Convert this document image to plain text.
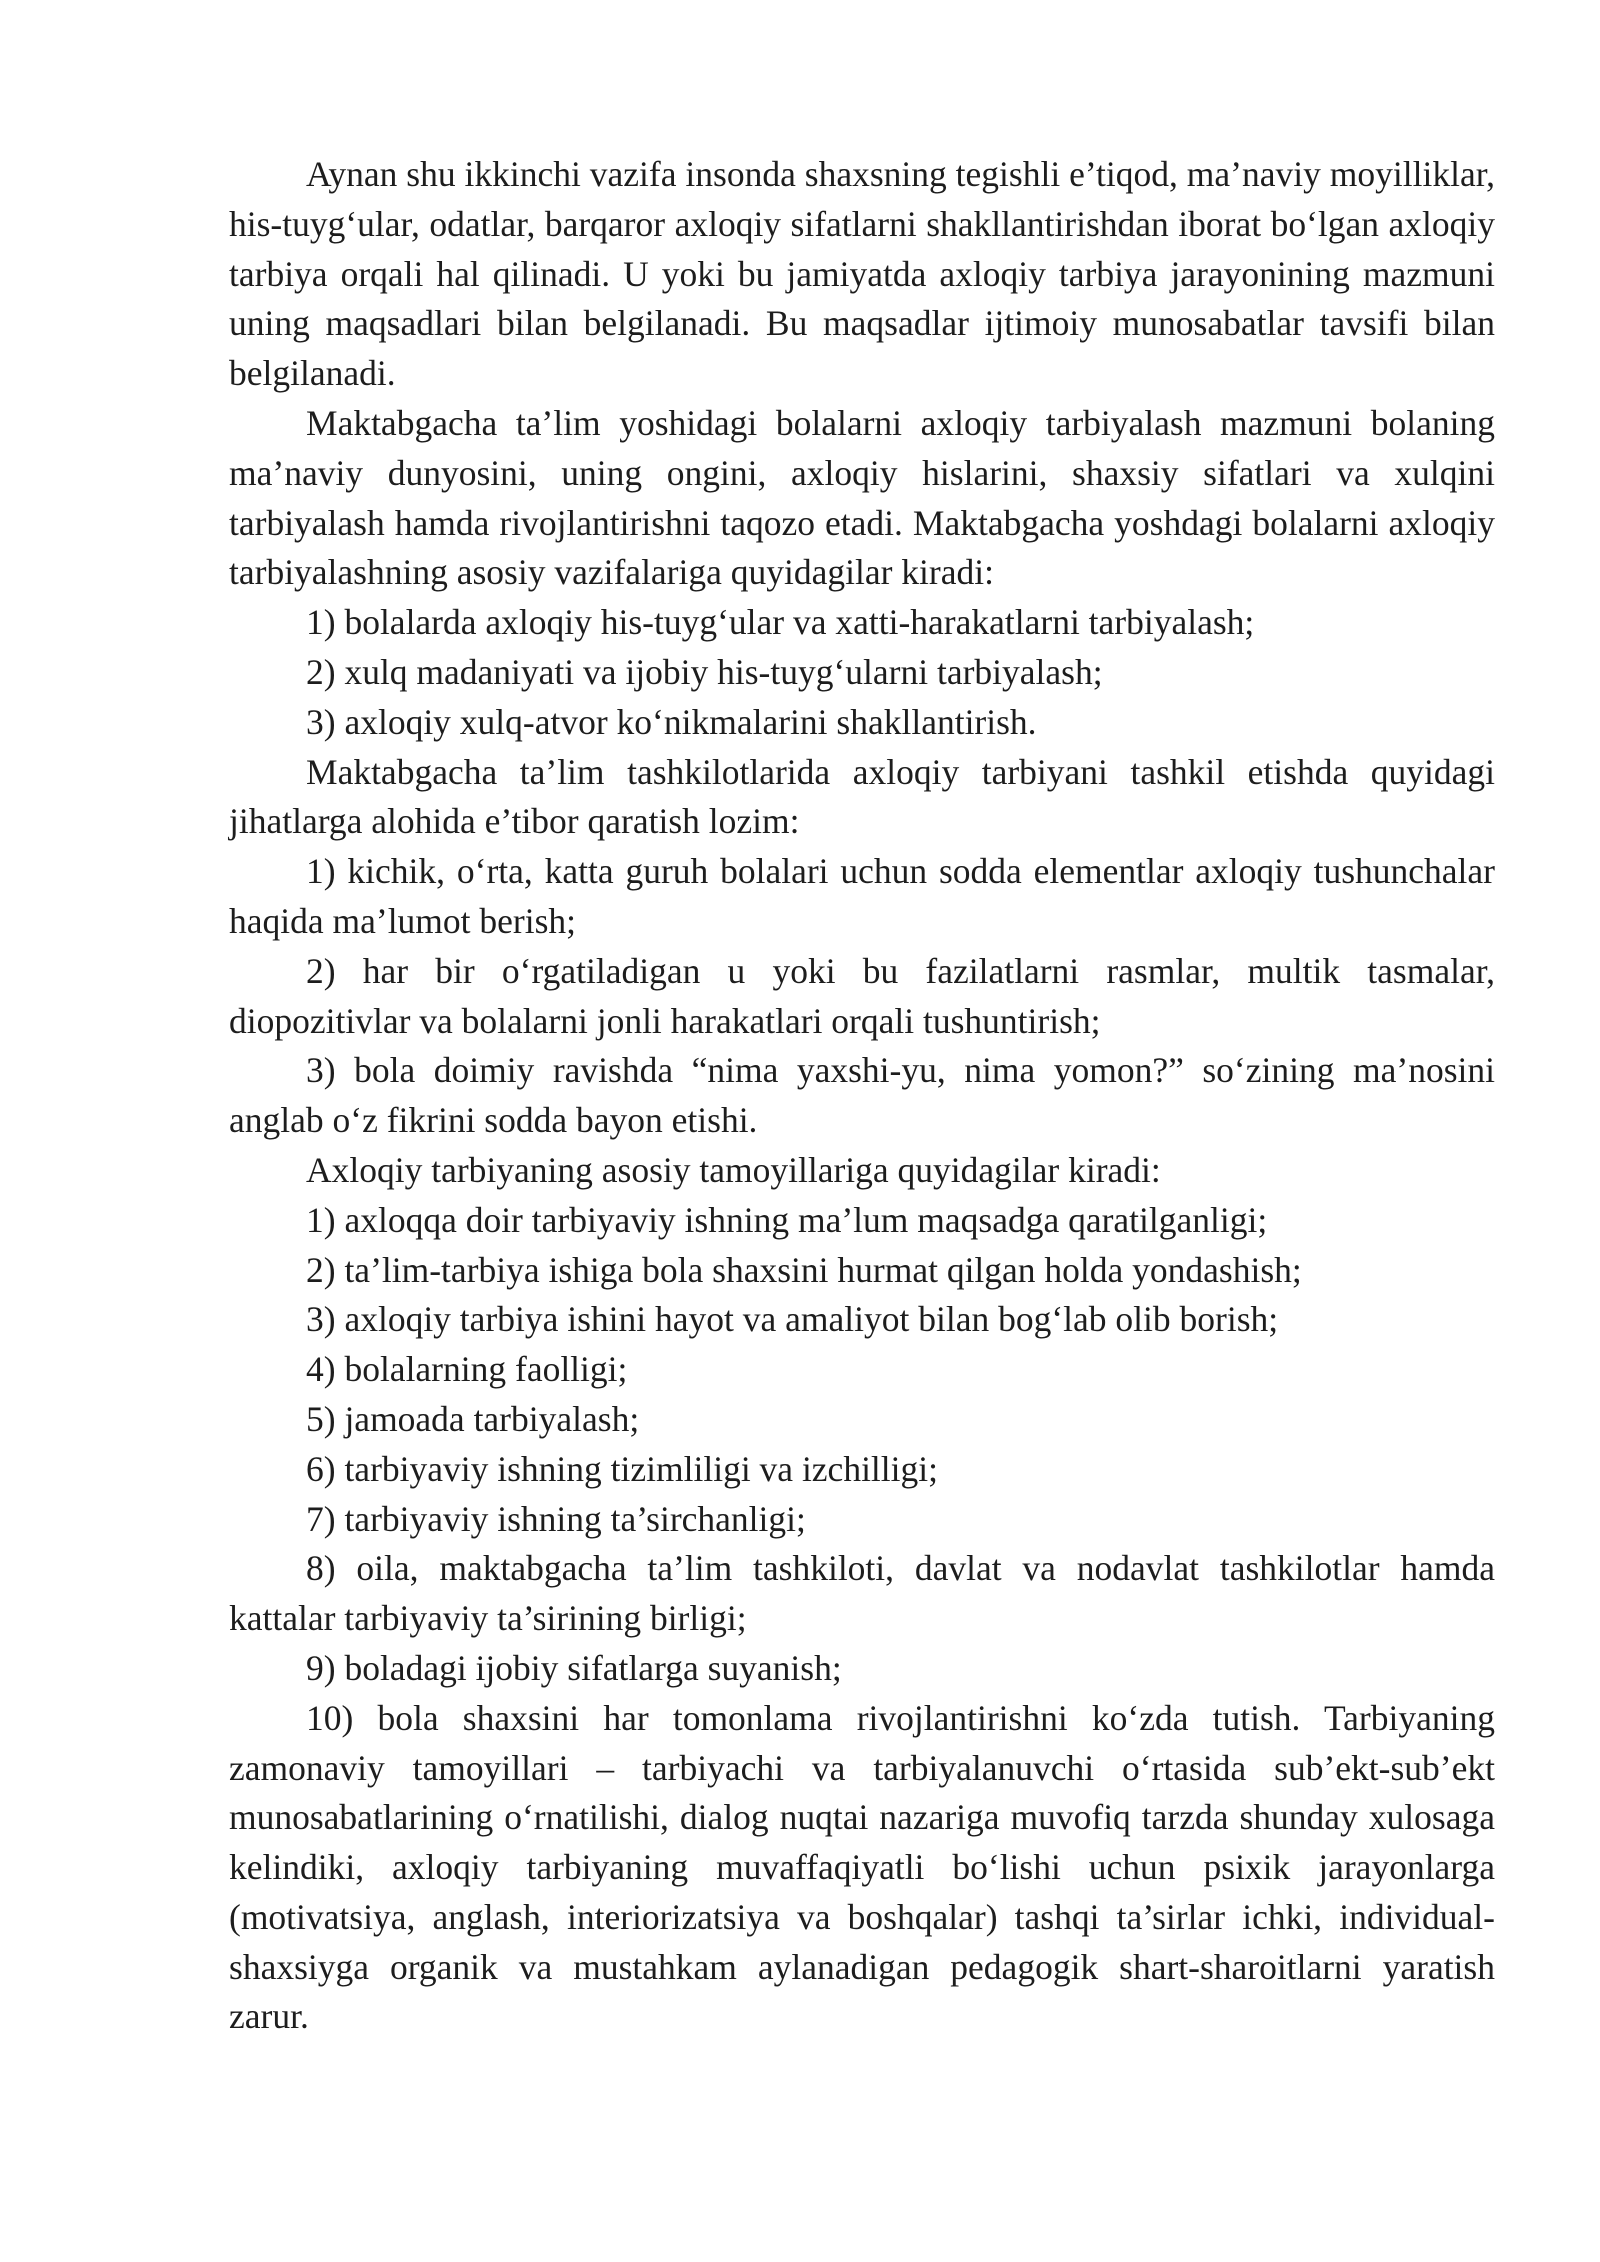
Aynan shu ikkinchi vazifa insonda shaxsning tegishli e’tiqod, ma’naviy moyilliklar, his-tuyg‘ular, odatlar, barqaror axloqiy sifatlarni shakllantirishdan iborat bo‘lgan axloqiy tarbiya orqali hal qilinadi. U yoki bu jamiyatda axloqiy tarbiya jarayonining mazmuni uning maqsadlari bilan belgilanadi. Bu maqsadlar ijtimoiy munosabatlar tavsifi bilan belgilanadi.

Maktabgacha ta’lim yoshidagi bolalarni axloqiy tarbiyalash mazmuni bolaning ma’naviy dunyosini, uning ongini, axloqiy hislarini, shaxsiy sifatlari va xulqini tarbiyalash hamda rivojlantirishni taqozo etadi. Maktabgacha yoshdagi bolalarni axloqiy tarbiyalashning asosiy vazifalariga quyidagilar kiradi:

1) bolalarda axloqiy his-tuyg‘ular va xatti-harakatlarni tarbiyalash;

2) xulq madaniyati va ijobiy his-tuyg‘ularni tarbiyalash;

3) axloqiy xulq-atvor ko‘nikmalarini shakllantirish.

Maktabgacha ta’lim tashkilotlarida axloqiy tarbiyani tashkil etishda quyidagi jihatlarga alohida e’tibor qaratish lozim:

1) kichik, o‘rta, katta guruh bolalari uchun sodda elementlar axloqiy tushunchalar haqida ma’lumot berish;

2) har bir o‘rgatiladigan u yoki bu fazilatlarni rasmlar, multik tasmalar, diopozitivlar va bolalarni jonli harakatlari orqali tushuntirish;

3) bola doimiy ravishda “nima yaxshi-yu, nima yomon?” so‘zining ma’nosini anglab o‘z fikrini sodda bayon etishi.

Axloqiy tarbiyaning asosiy tamoyillariga quyidagilar kiradi:

1) axloqqa doir tarbiyaviy ishning ma’lum maqsadga qaratilganligi;

2) ta’lim-tarbiya ishiga bola shaxsini hurmat qilgan holda yondashish;

3) axloqiy tarbiya ishini hayot va amaliyot bilan bog‘lab olib borish;

4) bolalarning faolligi;

5) jamoada tarbiyalash;

6) tarbiyaviy ishning tizimliligi va izchilligi;

7) tarbiyaviy ishning ta’sirchanligi;

8) oila, maktabgacha ta’lim tashkiloti, davlat va nodavlat tashkilotlar hamda kattalar tarbiyaviy ta’sirining birligi;

9) boladagi ijobiy sifatlarga suyanish;

10) bola shaxsini har tomonlama rivojlantirishni ko‘zda tutish. Tarbiyaning zamonaviy tamoyillari – tarbiyachi va tarbiyalanuvchi o‘rtasida sub’ekt-sub’ekt munosabatlarining o‘rnatilishi, dialog nuqtai nazariga muvofiq tarzda shunday xulosaga kelindiki, axloqiy tarbiyaning muvaffaqiyatli bo‘lishi uchun psixik jarayonlarga (motivatsiya, anglash, interiorizatsiya va boshqalar) tashqi ta’sirlar ichki, individual-shaxsiyga organik va mustahkam aylanadigan pedagogik shart-sharoitlarni yaratish zarur.
